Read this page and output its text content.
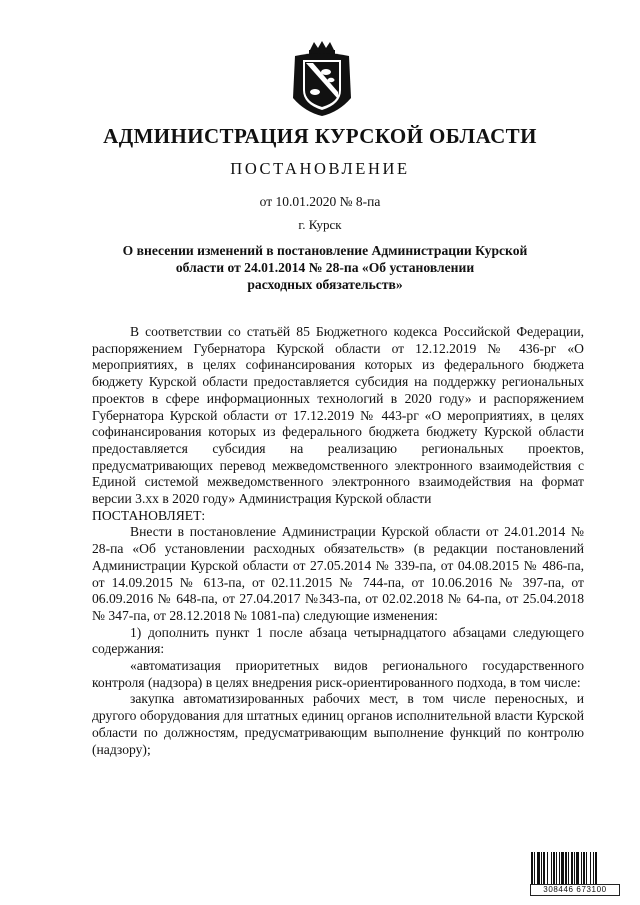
АДМИНИСТРАЦИЯ КУРСКОЙ ОБЛАСТИ
ПОСТАНОВЛЕНИЕ
от 10.01.2020 № 8-па
г. Курск
О внесении изменений в постановление Администрации Курской
области от 24.01.2014 № 28-па «Об установлении
расходных обязательств»

В соответствии со статьёй 85 Бюджетного кодекса Российской Федерации, распоряжением Губернатора Курской области от 12.12.2019 № 436-рг «О мероприятиях, в целях софинансирования которых из федерального бюджета бюджету Курской области предоставляется субсидия на поддержку региональных проектов в сфере информационных технологий в 2020 году» и распоряжением Губернатора Курской области от 17.12.2019 № 443-рг «О мероприятиях, в целях софинансирования которых из федерального бюджета бюджету Курской области предоставляется субсидия на реализацию региональных проектов, предусматривающих перевод межведомственного электронного взаимодействия с Единой системой межведомственного электронного взаимодействия на формат версии 3.хх в 2020 году» Администрация Курской области

ПОСТАНОВЛЯЕТ:

Внести в постановление Администрации Курской области от 24.01.2014 № 28-па «Об установлении расходных обязательств» (в редакции постановлений Администрации Курской области от 27.05.2014 № 339-па, от 04.08.2015 № 486-па, от 14.09.2015 № 613-па, от 02.11.2015 № 744-па, от 10.06.2016 № 397-па, от 06.09.2016 № 648-па, от 27.04.2017 №343-па, от 02.02.2018 № 64-па, от 25.04.2018 № 347-па, от 28.12.2018 № 1081-па) следующие изменения:

1) дополнить пункт 1 после абзаца четырнадцатого абзацами следующего содержания:

«автоматизация приоритетных видов регионального государственного контроля (надзора) в целях внедрения риск-ориентированного подхода, в том числе:

закупка автоматизированных рабочих мест, в том числе переносных, и другого оборудования для штатных единиц органов исполнительной власти Курской области по должностям, предусматривающим выполнение функций по контролю (надзору);

308446 673100
